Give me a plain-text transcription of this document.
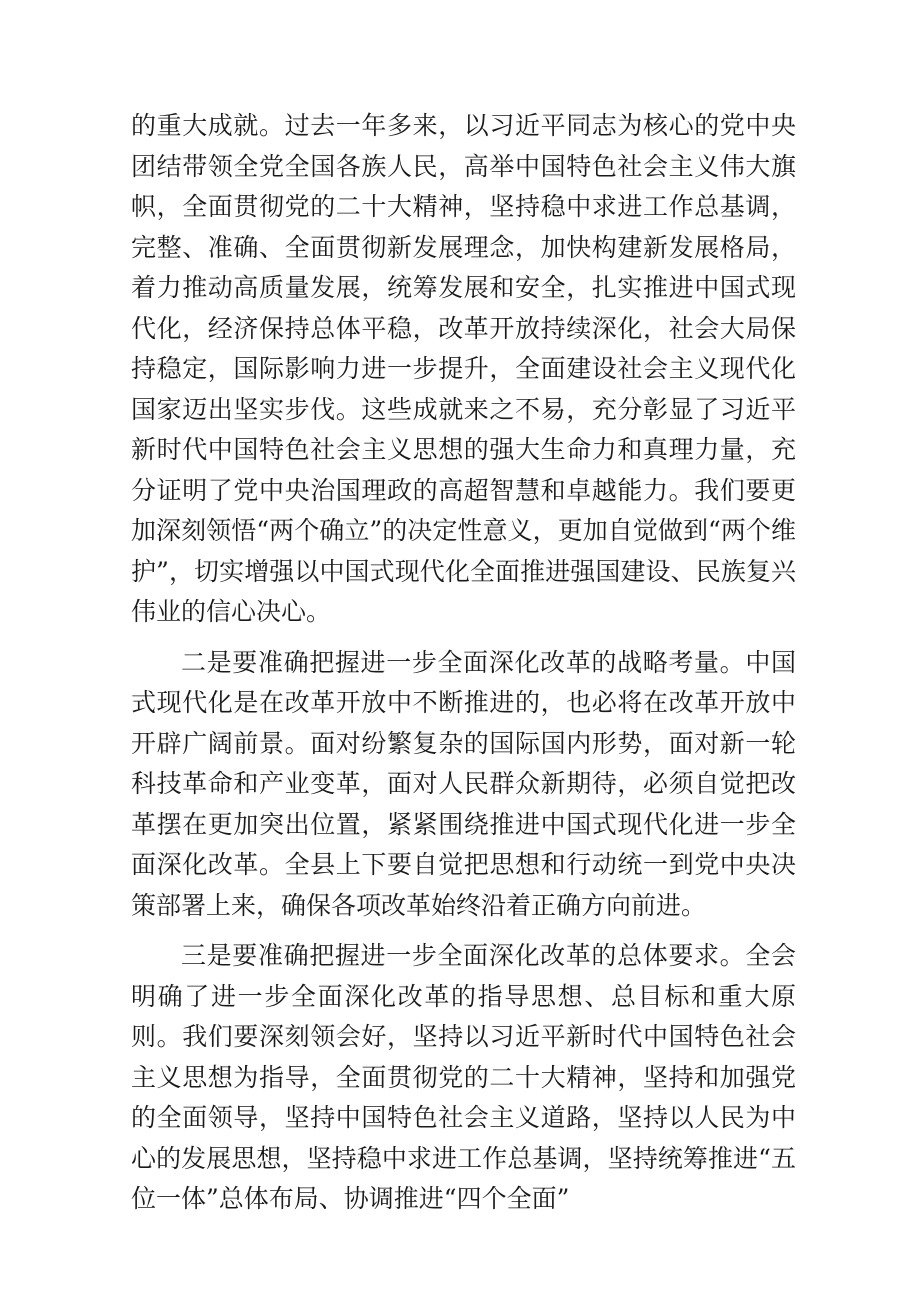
的重大成就。过去一年多来，以习近平同志为核心的党中央团结带领全党全国各族人民，高举中国特色社会主义伟大旗帜，全面贯彻党的二十大精神，坚持稳中求进工作总基调，完整、准确、全面贯彻新发展理念，加快构建新发展格局，着力推动高质量发展，统筹发展和安全，扎实推进中国式现代化，经济保持总体平稳，改革开放持续深化，社会大局保持稳定，国际影响力进一步提升，全面建设社会主义现代化国家迈出坚实步伐。这些成就来之不易，充分彰显了习近平新时代中国特色社会主义思想的强大生命力和真理力量，充分证明了党中央治国理政的高超智慧和卓越能力。我们要更加深刻领悟“两个确立”的决定性意义，更加自觉做到“两个维护”，切实增强以中国式现代化全面推进强国建设、民族复兴伟业的信心决心。

二是要准确把握进一步全面深化改革的战略考量。中国式现代化是在改革开放中不断推进的，也必将在改革开放中开辟广阔前景。面对纷繁复杂的国际国内形势，面对新一轮科技革命和产业变革，面对人民群众新期待，必须自觉把改革摆在更加突出位置，紧紧围绕推进中国式现代化进一步全面深化改革。全县上下要自觉把思想和行动统一到党中央决策部署上来，确保各项改革始终沿着正确方向前进。

三是要准确把握进一步全面深化改革的总体要求。全会明确了进一步全面深化改革的指导思想、总目标和重大原则。我们要深刻领会好，坚持以习近平新时代中国特色社会主义思想为指导，全面贯彻党的二十大精神，坚持和加强党的全面领导，坚持中国特色社会主义道路，坚持以人民为中心的发展思想，坚持稳中求进工作总基调，坚持统筹推进“五位一体”总体布局、协调推进“四个全面”
